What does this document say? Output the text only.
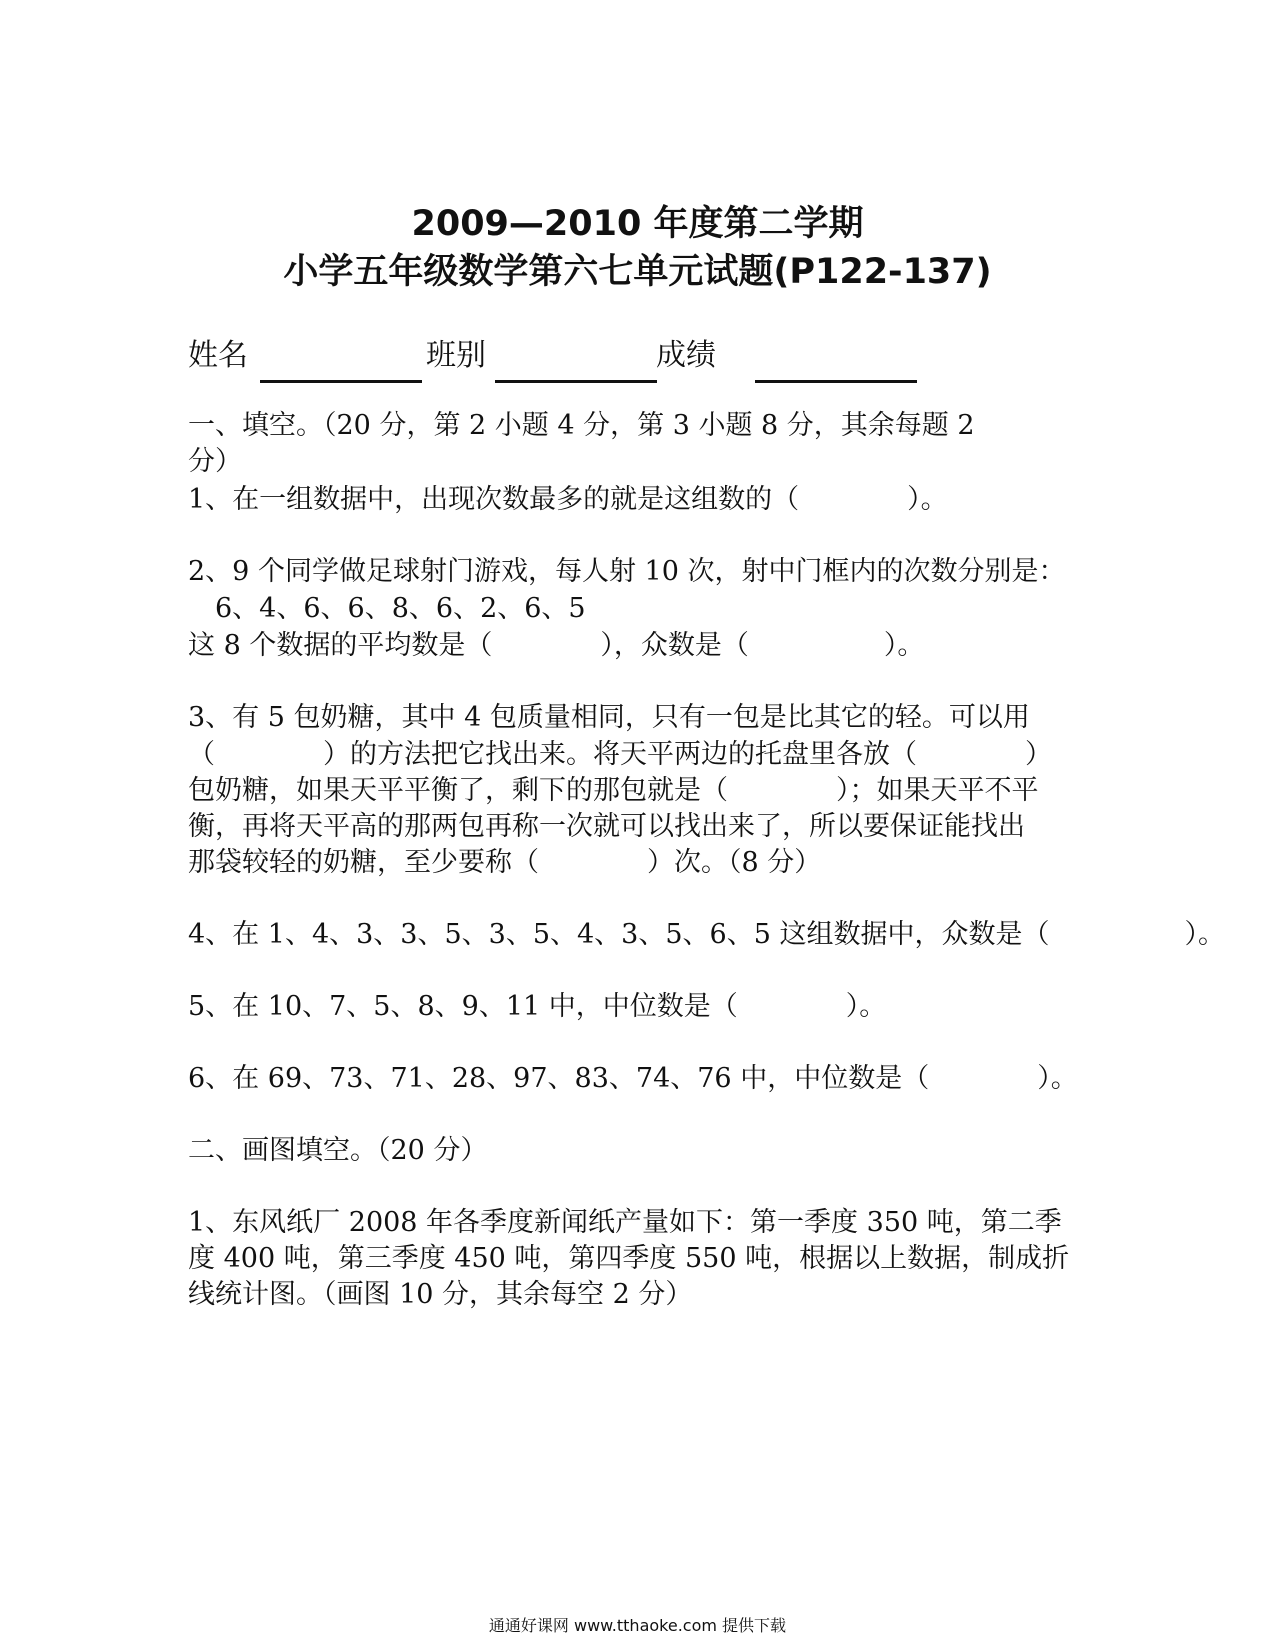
2009—2010 年度第二学期
小学五年级数学第六七单元试题(P122-137)
姓名	班别	成绩
一、填空。（20 分，第 2 小题 4 分，第 3 小题 8 分，其余每题 2
分）
1、在一组数据中，出现次数最多的就是这组数的（　　　　）。
2、9 个同学做足球射门游戏，每人射 10 次，射中门框内的次数分别是：
　6、4、6、6、8、6、2、6、5
这 8 个数据的平均数是（　　　　），众数是（　　　　　）。
3、有 5 包奶糖，其中 4 包质量相同，只有一包是比其它的轻。可以用
（　　　　）的方法把它找出来。将天平两边的托盘里各放（　　　　）
包奶糖，如果天平平衡了，剩下的那包就是（　　　　）；如果天平不平
衡，再将天平高的那两包再称一次就可以找出来了，所以要保证能找出
那袋较轻的奶糖，至少要称（　　　　）次。（8 分）
4、在 1、4、3、3、5、3、5、4、3、5、6、5 这组数据中，众数是（　　　　　）。
5、在 10、7、5、8、9、11 中，中位数是（　　　　）。
6、在 69、73、71、28、97、83、74、76 中，中位数是（　　　　）。
二、画图填空。（20 分）
1、东风纸厂 2008 年各季度新闻纸产量如下：第一季度 350 吨，第二季
度 400 吨，第三季度 450 吨，第四季度 550 吨，根据以上数据，制成折
线统计图。（画图 10 分，其余每空 2 分）
通通好课网 www.tthaoke.com 提供下载
